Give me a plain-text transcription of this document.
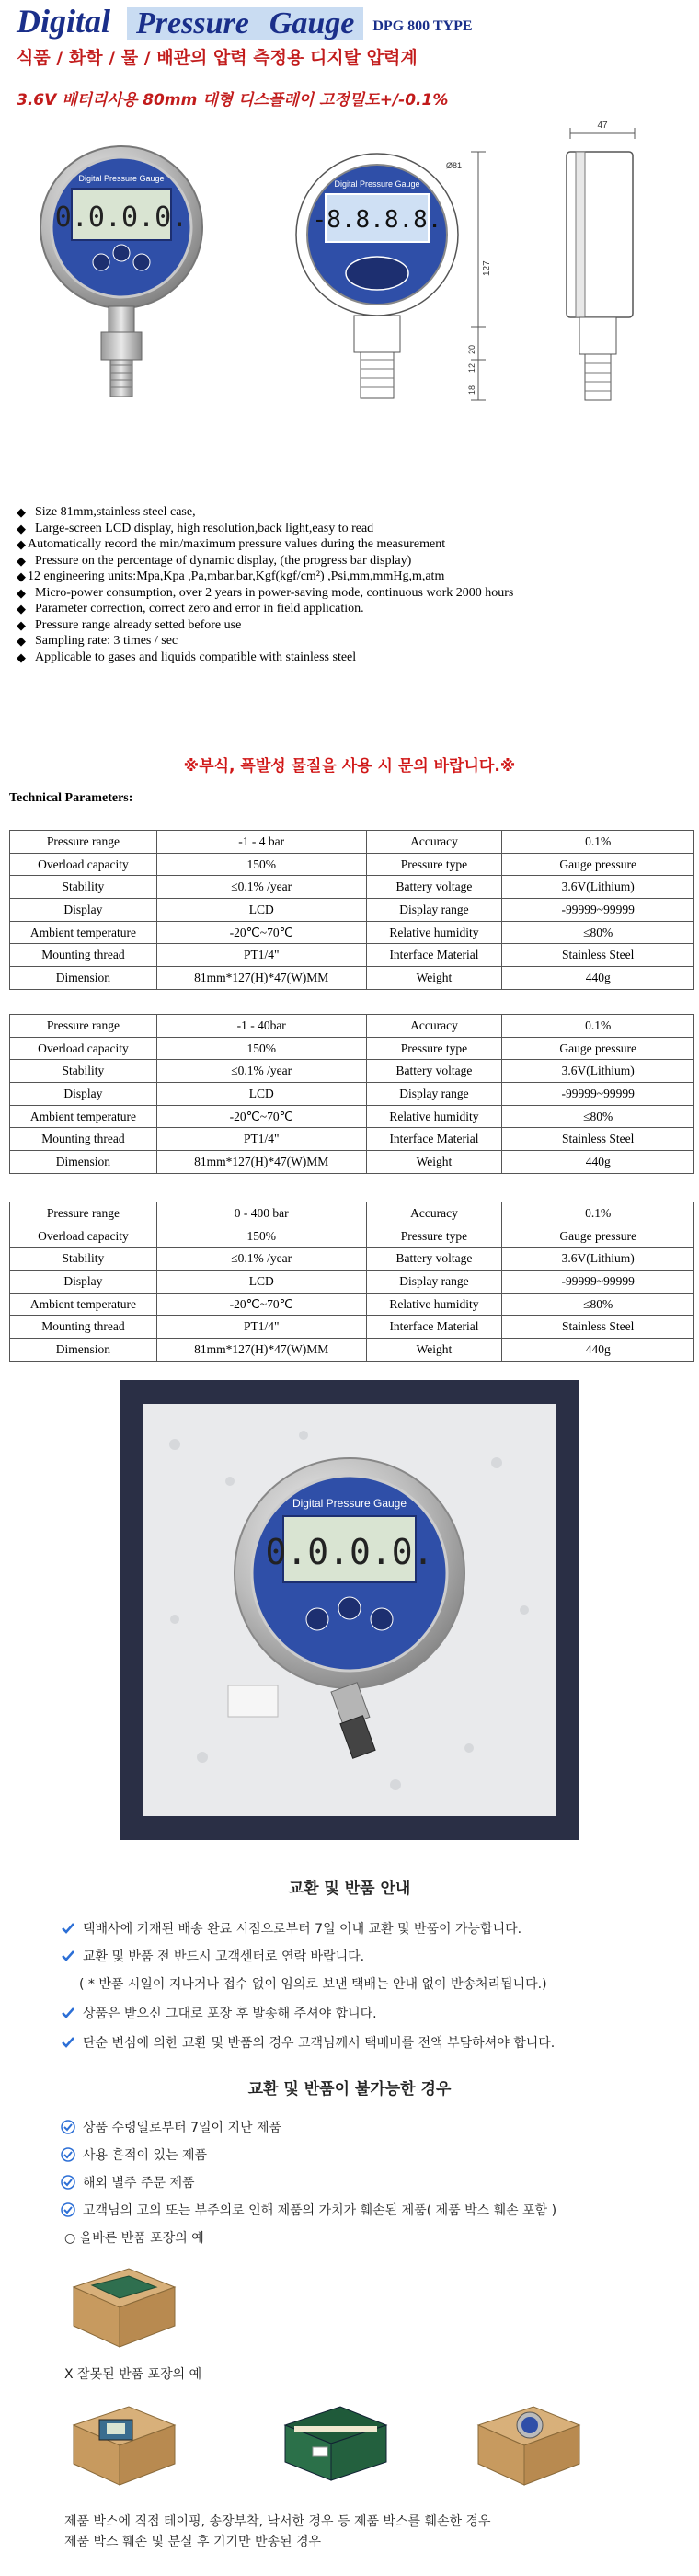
Digital Pressure Gauge DPG 800 TYPE
식품 / 화학 / 물 / 배관의 압력 측정용 디지탈 압력계
3.6V 배터리사용 80mm 대형 디스플레이 고정밀도+/-0.1%
Digital Pressure Gauge
0.0.0.0.
Digital Pressure Gauge
-8.8.8.8.
Ø81
127
20
12
18
47
◆ Size 81mm,stainless steel case,
◆ Large-screen LCD display, high resolution,back light,easy to read
◆ Automatically record the min/maximum pressure values during the measurement
◆ Pressure on the percentage of dynamic display, (the progress bar display)
◆ 12 engineering units:Mpa,Kpa ,Pa,mbar,bar,Kgf(kgf/cm²) ,Psi,mm,mmHg,m,atm
◆ Micro-power consumption, over 2 years in power-saving mode, continuous work 2000 hours
◆ Parameter correction, correct zero and error in field application.
◆ Pressure range already setted before use
◆ Sampling rate: 3 times / sec
◆ Applicable to gases and liquids compatible with stainless steel
※부식, 폭발성 물질을 사용 시 문의 바랍니다.※
Technical Parameters:
Pressure range	-1 - 4 bar	Accuracy	0.1%
Overload capacity	150%	Pressure type	Gauge pressure
Stability	≤0.1% /year	Battery voltage	3.6V(Lithium)
Display	LCD	Display range	-99999~99999
Ambient temperature	-20℃~70℃	Relative humidity	≤80%
Mounting thread	PT1/4"	Interface Material	Stainless Steel
Dimension	81mm*127(H)*47(W)MM	Weight	440g
Pressure range	-1 - 40bar	Accuracy	0.1%
Overload capacity	150%	Pressure type	Gauge pressure
Stability	≤0.1% /year	Battery voltage	3.6V(Lithium)
Display	LCD	Display range	-99999~99999
Ambient temperature	-20℃~70℃	Relative humidity	≤80%
Mounting thread	PT1/4"	Interface Material	Stainless Steel
Dimension	81mm*127(H)*47(W)MM	Weight	440g
Pressure range	0 - 400 bar	Accuracy	0.1%
Overload capacity	150%	Pressure type	Gauge pressure
Stability	≤0.1% /year	Battery voltage	3.6V(Lithium)
Display	LCD	Display range	-99999~99999
Ambient temperature	-20℃~70℃	Relative humidity	≤80%
Mounting thread	PT1/4"	Interface Material	Stainless Steel
Dimension	81mm*127(H)*47(W)MM	Weight	440g
Digital Pressure Gauge
0.0.0.0.
교환 및 반품 안내
택배사에 기재된 배송 완료 시점으로부터 7일 이내 교환 및 반품이 가능합니다.
교환 및 반품 전 반드시 고객센터로 연락 바랍니다.
( * 반품 시일이 지나거나 접수 없이 임의로 보낸 택배는 안내 없이 반송처리됩니다.)
상품은 받으신 그대로 포장 후 발송해 주셔야 합니다.
단순 변심에 의한 교환 및 반품의 경우 고객님께서 택배비를 전액 부담하셔야 합니다.
교환 및 반품이 불가능한 경우
상품 수령일로부터 7일이 지난 제품
사용 흔적이 있는 제품
해외 별주 주문 제품
고객님의 고의 또는 부주의로 인해 제품의 가치가 훼손된 제품( 제품 박스 훼손 포함 )
○ 올바른 반품 포장의 예
X 잘못된 반품 포장의 예
제품 박스에 직접 테이핑, 송장부착, 낙서한 경우 등 제품 박스를 훼손한 경우
제품 박스 훼손 및 분실 후 기기만 반송된 경우
